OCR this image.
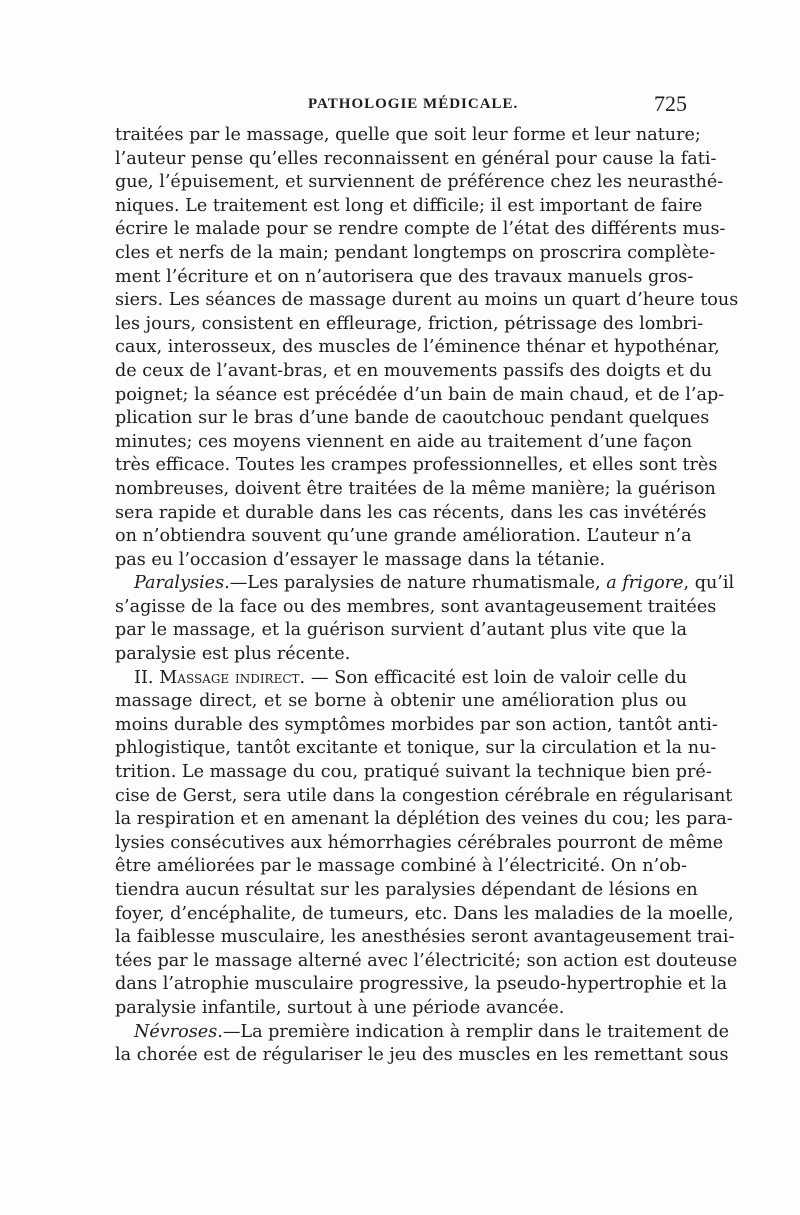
PATHOLOGIE MÉDICALE.	725
traitées par le massage, quelle que soit leur forme et leur nature;
l’auteur pense qu’elles reconnaissent en général pour cause la fati-
gue, l’épuisement, et surviennent de préférence chez les neurasthé-
niques. Le traitement est long et difficile; il est important de faire
écrire le malade pour se rendre compte de l’état des différents mus-
cles et nerfs de la main; pendant longtemps on proscrira complète-
ment l’écriture et on n’autorisera que des travaux manuels gros-
siers. Les séances de massage durent au moins un quart d’heure tous
les jours, consistent en effleurage, friction, pétrissage des lombri-
caux, interosseux, des muscles de l’éminence thénar et hypothénar,
de ceux de l’avant-bras, et en mouvements passifs des doigts et du
poignet; la séance est précédée d’un bain de main chaud, et de l’ap-
plication sur le bras d’une bande de caoutchouc pendant quelques
minutes; ces moyens viennent en aide au traitement d’une façon
très efficace. Toutes les crampes professionnelles, et elles sont très
nombreuses, doivent être traitées de la même manière; la guérison
sera rapide et durable dans les cas récents, dans les cas invétérés
on n’obtiendra souvent qu’une grande amélioration. L’auteur n’a
pas eu l’occasion d’essayer le massage dans la tétanie.
Paralysies.—Les paralysies de nature rhumatismale, a frigore, qu’il
s’agisse de la face ou des membres, sont avantageusement traitées
par le massage, et la guérison survient d’autant plus vite que la
paralysie est plus récente.
II. Massage indirect. — Son efficacité est loin de valoir celle du
massage direct, et se borne à obtenir une amélioration plus ou
moins durable des symptômes morbides par son action, tantôt anti-
phlogistique, tantôt excitante et tonique, sur la circulation et la nu-
trition. Le massage du cou, pratiqué suivant la technique bien pré-
cise de Gerst, sera utile dans la congestion cérébrale en régularisant
la respiration et en amenant la déplétion des veines du cou; les para-
lysies consécutives aux hémorrhagies cérébrales pourront de même
être améliorées par le massage combiné à l’électricité. On n’ob-
tiendra aucun résultat sur les paralysies dépendant de lésions en
foyer, d’encéphalite, de tumeurs, etc. Dans les maladies de la moelle,
la faiblesse musculaire, les anesthésies seront avantageusement trai-
tées par le massage alterné avec l’électricité; son action est douteuse
dans l’atrophie musculaire progressive, la pseudo-hypertrophie et la
paralysie infantile, surtout à une période avancée.
Névroses.—La première indication à remplir dans le traitement de
la chorée est de régulariser le jeu des muscles en les remettant sous
